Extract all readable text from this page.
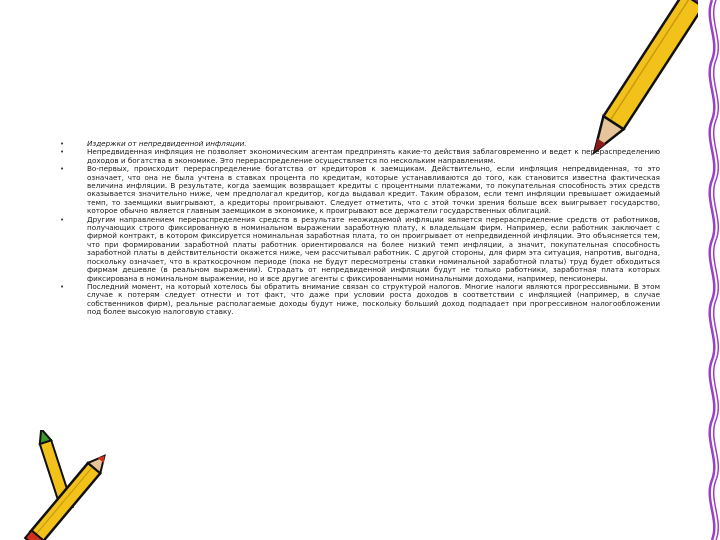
•	Издержки от непредвиденной инфляции.
•	Непредвиденная инфляция не позволяет экономическим агентам предпринять какие-то действия заблаговременно и ведет к перераспределению доходов и богатства в экономике. Это перераспределение осуществляется по нескольким направлениям.
•	Во-первых, происходит перераспределение богатства от кредиторов к заемщикам. Действительно, если инфляция непредвиденная, то это означает, что она не была учтена в ставках процента по кредитам, которые устанавливаются до того, как становится известна фактическая величина инфляции. В результате, когда заемщик возвращает кредиты с процентными платежами, то покупательная способность этих средств оказывается значительно ниже, чем предполагал кредитор, когда выдавал кредит. Таким образом, если темп инфляции превышает ожидаемый темп, то заемщики выигрывают, а кредиторы проигрывают. Следует отметить, что с этой точки зрения больше всех выигрывает государство, которое обычно является главным заемщиком в экономике, к проигрывают все держатели государственных облигаций.
•	Другим направлением перераспределения средств в результате неожидаемой инфляции является перераспределение средств от работников, получающих строго фиксированную в номинальном выражении заработную плату, к владельцам фирм. Например, если работник заключает с фирмой контракт, в котором фиксируется номинальная заработная плата, то он проигрывает от непредвиденной инфляции. Это объясняется тем, что при формировании заработной платы работник ориентировался на более низкий темп инфляции, а значит, покупательная способность заработной платы в действительности окажется ниже, чем рассчитывал работник. С другой стороны, для фирм эта ситуация, напротив, выгодна, поскольку означает, что в краткосрочном периоде (пока не будут пересмотрены ставки номинальной заработной платы) труд будет обходиться фирмам дешевле (в реальном выражении). Страдать от непредвиденной инфляции будут не только работники, заработная плата которых фиксирована в номинальном выражении, но и все другие агенты с фиксированными номинальными доходами, например, пенсионеры.
•	Последний момент, на который хотелось бы обратить внимание связан со структурой налогов. Многие налоги являются прогрессивными. В этом случае к потерям следует отнести и тот факт, что даже при условии роста доходов в соответствии с инфляцией (например, в случае собственников фирм), реальные располагаемые доходы будут ниже, поскольку больший доход подпадает при прогрессивном налогообложении под более высокую налоговую ставку.
